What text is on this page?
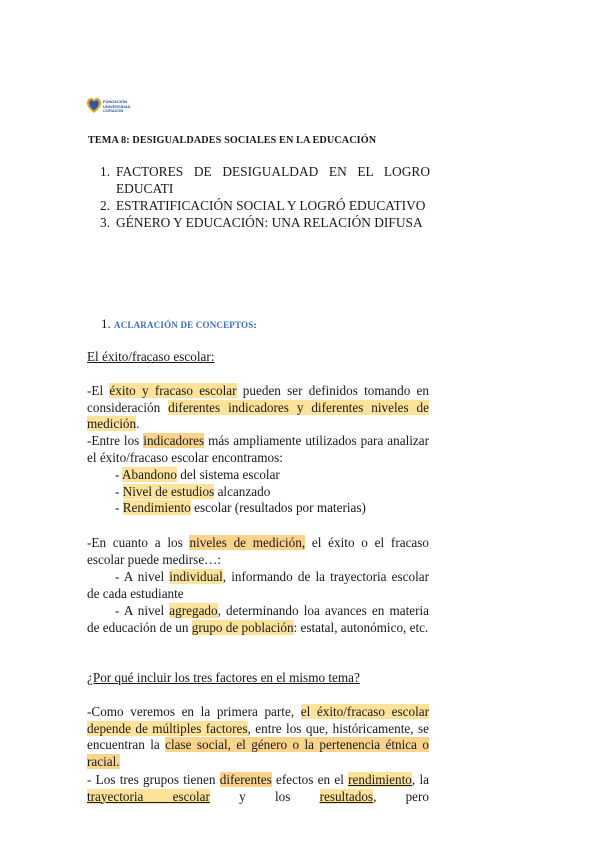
FUNDACIÓN
UNIVERSIDAD
CORAZÓN
TEMA 8: DESIGUALDADES SOCIALES EN LA EDUCACIÓN
1. FACTORES DE DESIGUALDAD EN EL LOGRO EDUCATI
2. ESTRATIFICACIÓN SOCIAL Y LOGRÓ EDUCATIVO
3. GÉNERO Y EDUCACIÓN: UNA RELACIÓN DIFUSA
1. ACLARACIÓN DE CONCEPTOS:
El éxito/fracaso escolar:
-El éxito y fracaso escolar pueden ser definidos tomando en consideración diferentes indicadores y diferentes niveles de medición.
-Entre los indicadores más ampliamente utilizados para analizar el éxito/fracaso escolar encontramos:
- Abandono del sistema escolar
- Nivel de estudios alcanzado
- Rendimiento escolar (resultados por materias)
-En cuanto a los niveles de medición, el éxito o el fracaso escolar puede medirse…:
- A nivel individual, informando de la trayectoria escolar de cada estudiante
- A nivel agregado, determinando loa avances en materia de educación de un grupo de población: estatal, autonómico, etc.
¿Por qué incluir los tres factores en el mismo tema?
-Como veremos en la primera parte, el éxito/fracaso escolar depende de múltiples factores, entre los que, históricamente, se encuentran la clase social, el género o la pertenencia étnica o racial.
- Los tres grupos tienen diferentes efectos en el rendimiento, la trayectoria escolar y los resultados, pero
